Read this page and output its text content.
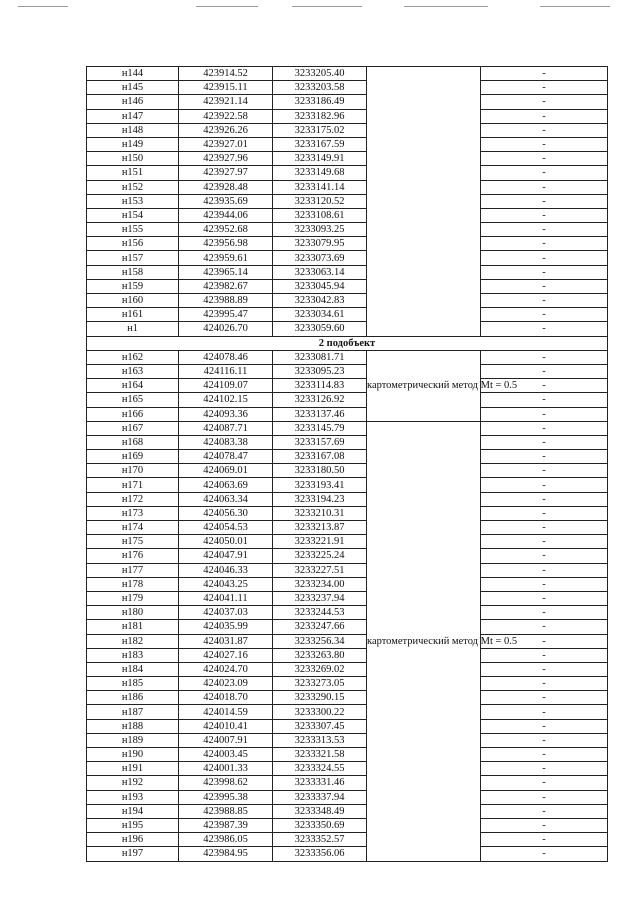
н144	423914.52	3233205.40		-
н145	423915.11	3233203.58		-
н146	423921.14	3233186.49		-
н147	423922.58	3233182.96		-
н148	423926.26	3233175.02		-
н149	423927.01	3233167.59		-
н150	423927.96	3233149.91		-
н151	423927.97	3233149.68		-
н152	423928.48	3233141.14		-
н153	423935.69	3233120.52		-
н154	423944.06	3233108.61		-
н155	423952.68	3233093.25		-
н156	423956.98	3233079.95		-
н157	423959.61	3233073.69		-
н158	423965.14	3233063.14		-
н159	423982.67	3233045.94		-
н160	423988.89	3233042.83		-
н161	423995.47	3233034.61		-
н1	424026.70	3233059.60		-
2 подобъект				
н162	424078.46	3233081.71	картометрический метод Mt = 0.5	-
н163	424116.11	3233095.23		-
н164	424109.07	3233114.83		-
н165	424102.15	3233126.92		-
н166	424093.36	3233137.46		-
н167	424087.71	3233145.79	картометрический метод Mt = 0.5	-
н168	424083.38	3233157.69		-
н169	424078.47	3233167.08		-
н170	424069.01	3233180.50		-
н171	424063.69	3233193.41		-
н172	424063.34	3233194.23		-
н173	424056.30	3233210.31		-
н174	424054.53	3233213.87		-
н175	424050.01	3233221.91		-
н176	424047.91	3233225.24		-
н177	424046.33	3233227.51		-
н178	424043.25	3233234.00		-
н179	424041.11	3233237.94		-
н180	424037.03	3233244.53		-
н181	424035.99	3233247.66		-
н182	424031.87	3233256.34		-
н183	424027.16	3233263.80		-
н184	424024.70	3233269.02		-
н185	424023.09	3233273.05		-
н186	424018.70	3233290.15		-
н187	424014.59	3233300.22		-
н188	424010.41	3233307.45		-
н189	424007.91	3233313.53		-
н190	424003.45	3233321.58		-
н191	424001.33	3233324.55		-
н192	423998.62	3233331.46		-
н193	423995.38	3233337.94		-
н194	423988.85	3233348.49		-
н195	423987.39	3233350.69		-
н196	423986.05	3233352.57		-
н197	423984.95	3233356.06		-
